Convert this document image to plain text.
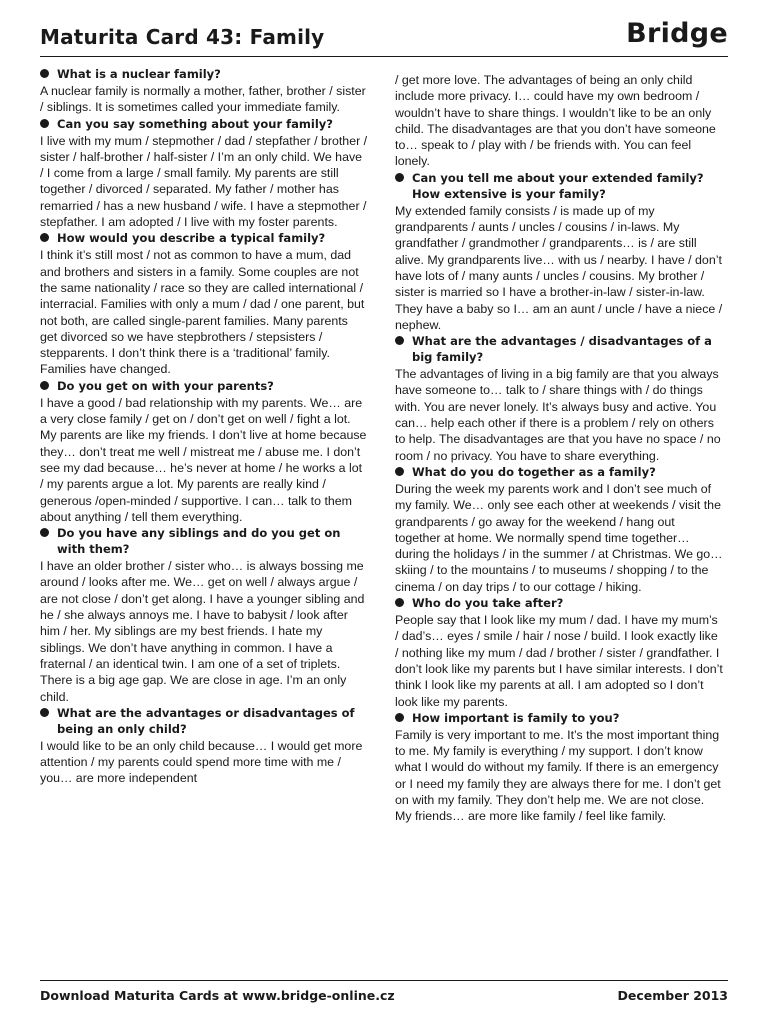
Maturita Card 43: Family	Bridge

What is a nuclear family?

A nuclear family is normally a mother, father, brother / sister / siblings. It is sometimes called your immediate family.

Can you say something about your family?

I live with my mum / stepmother / dad / stepfather / brother / sister / half-brother / half-sister / I’m an only child. We have / I come from a large / small family. My parents are still together / divorced / separated. My father / mother has remarried / has a new husband / wife. I have a stepmother / stepfather. I am adopted / I live with my foster parents.

How would you describe a typical family?

I think it’s still most / not as common to have a mum, dad and brothers and sisters in a family. Some couples are not the same nationality / race so they are called international / interracial. Families with only a mum / dad / one parent, but not both, are called single-parent families. Many parents get divorced so we have stepbrothers / stepsisters / stepparents. I don’t think there is a ‘traditional’ family. Families have changed.

Do you get on with your parents?

I have a good / bad relationship with my parents. We… are a very close family / get on / don’t get on well / fight a lot. My parents are like my friends. I don’t live at home because they… don’t treat me well / mistreat me / abuse me. I don’t see my dad because… he’s never at home / he works a lot / my parents argue a lot. My parents are really kind / generous /open-minded / supportive. I can… talk to them about anything / tell them everything.

Do you have any siblings and do you get on with them?

I have an older brother / sister who… is always bossing me around / looks after me. We… get on well / always argue / are not close / don’t get along. I have a younger sibling and he / she always annoys me. I have to babysit / look after him / her. My siblings are my best friends. I hate my siblings. We don’t have anything in common. I have a fraternal / an identical twin. I am one of a set of triplets. There is a big age gap. We are close in age. I’m an only child.

What are the advantages or disadvantages of being an only child?

I would like to be an only child because… I would get more attention / my parents could spend more time with me / you… are more independent

/ get more love. The advantages of being an only child include more privacy. I… could have my own bedroom / wouldn’t have to share things. I wouldn’t like to be an only child. The disadvantages are that you don’t have someone to… speak to / play with / be friends with. You can feel lonely.

Can you tell me about your extended family? How extensive is your family?

My extended family consists / is made up of my grandparents / aunts / uncles / cousins / in-laws. My grandfather / grandmother / grandparents… is / are still alive. My grandparents live… with us / nearby. I have / don’t have lots of / many aunts / uncles / cousins. My brother / sister is married so I have a brother-in-law / sister-in-law. They have a baby so I… am an aunt / uncle / have a niece / nephew.

What are the advantages / disadvantages of a big family?

The advantages of living in a big family are that you always have someone to… talk to / share things with / do things with. You are never lonely. It’s always busy and active. You can… help each other if there is a problem / rely on others to help. The disadvantages are that you have no space / no room / no privacy. You have to share everything.

What do you do together as a family?

During the week my parents work and I don’t see much of my family. We… only see each other at weekends / visit the grandparents / go away for the weekend / hang out together at home. We normally spend time together… during the holidays / in the summer / at Christmas. We go… skiing / to the mountains / to museums / shopping / to the cinema / on day trips / to our cottage / hiking.

Who do you take after?

People say that I look like my mum / dad. I have my mum’s / dad’s… eyes / smile / hair / nose / build. I look exactly like / nothing like my mum / dad / brother / sister / grandfather. I don’t look like my parents but I have similar interests. I don’t think I look like my parents at all. I am adopted so I don’t look like my parents.

How important is family to you?

Family is very important to me. It’s the most important thing to me. My family is everything / my support. I don’t know what I would do without my family. If there is an emergency or I need my family they are always there for me. I don’t get on with my family. They don’t help me. We are not close. My friends… are more like family / feel like family.

Download Maturita Cards at www.bridge-online.cz	December 2013
